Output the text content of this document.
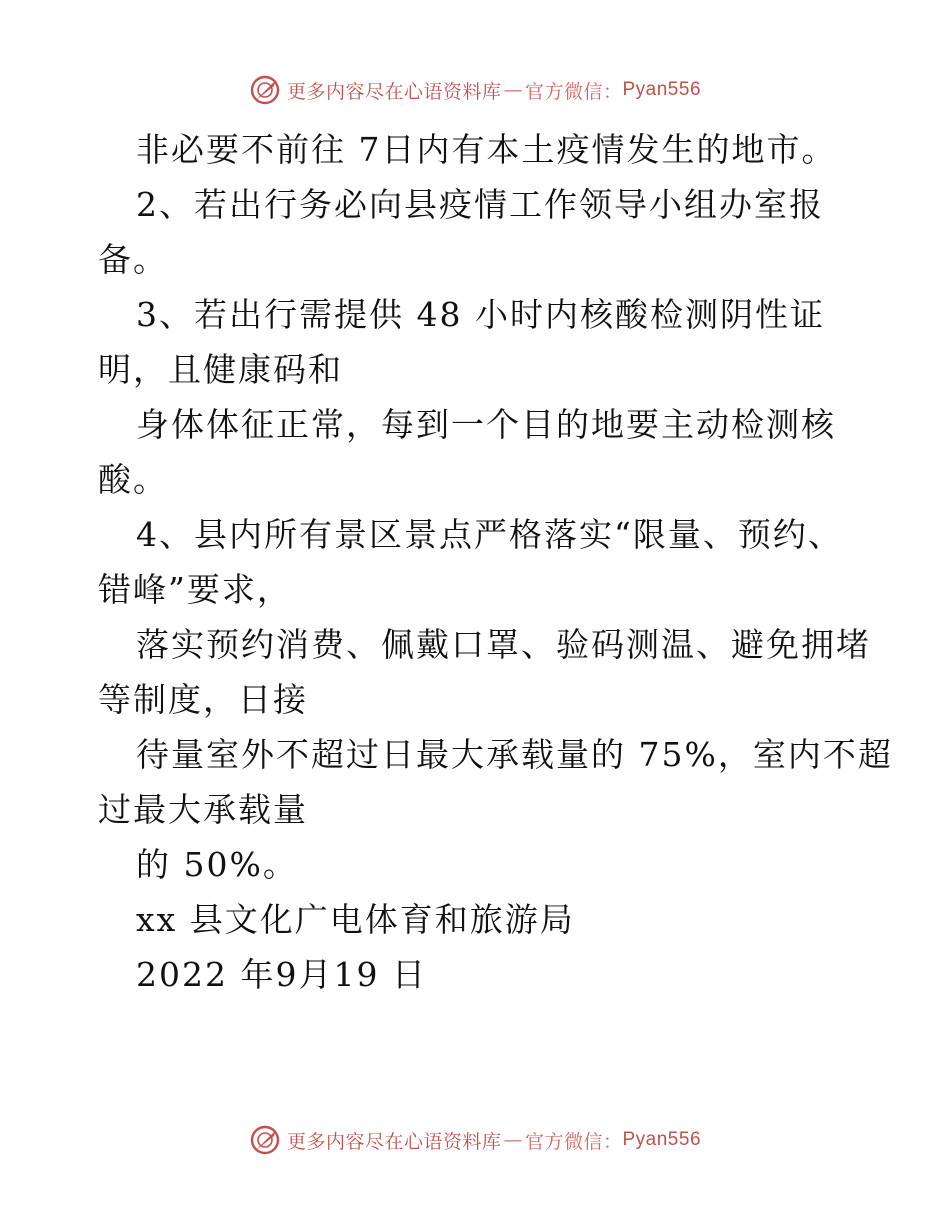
更多内容尽在心语资料库 — 官方微信： Pyan556
非必要不前往 7日内有本土疫情发生的地市。
2、若出行务必向县疫情工作领导小组办室报
备。
3、若出行需提供 48 小时内核酸检测阴性证
明，且健康码和
身体体征正常，每到一个目的地要主动检测核
酸。
4、县内所有景区景点严格落实“限量、预约、
错峰”要求，
落实预约消费、佩戴口罩、验码测温、避免拥堵
等制度，日接
待量室外不超过日最大承载量的 75%，室内不超
过最大承载量
的 50%。
xx 县文化广电体育和旅游局
2022 年9月19 日
更多内容尽在心语资料库 — 官方微信： Pyan556
